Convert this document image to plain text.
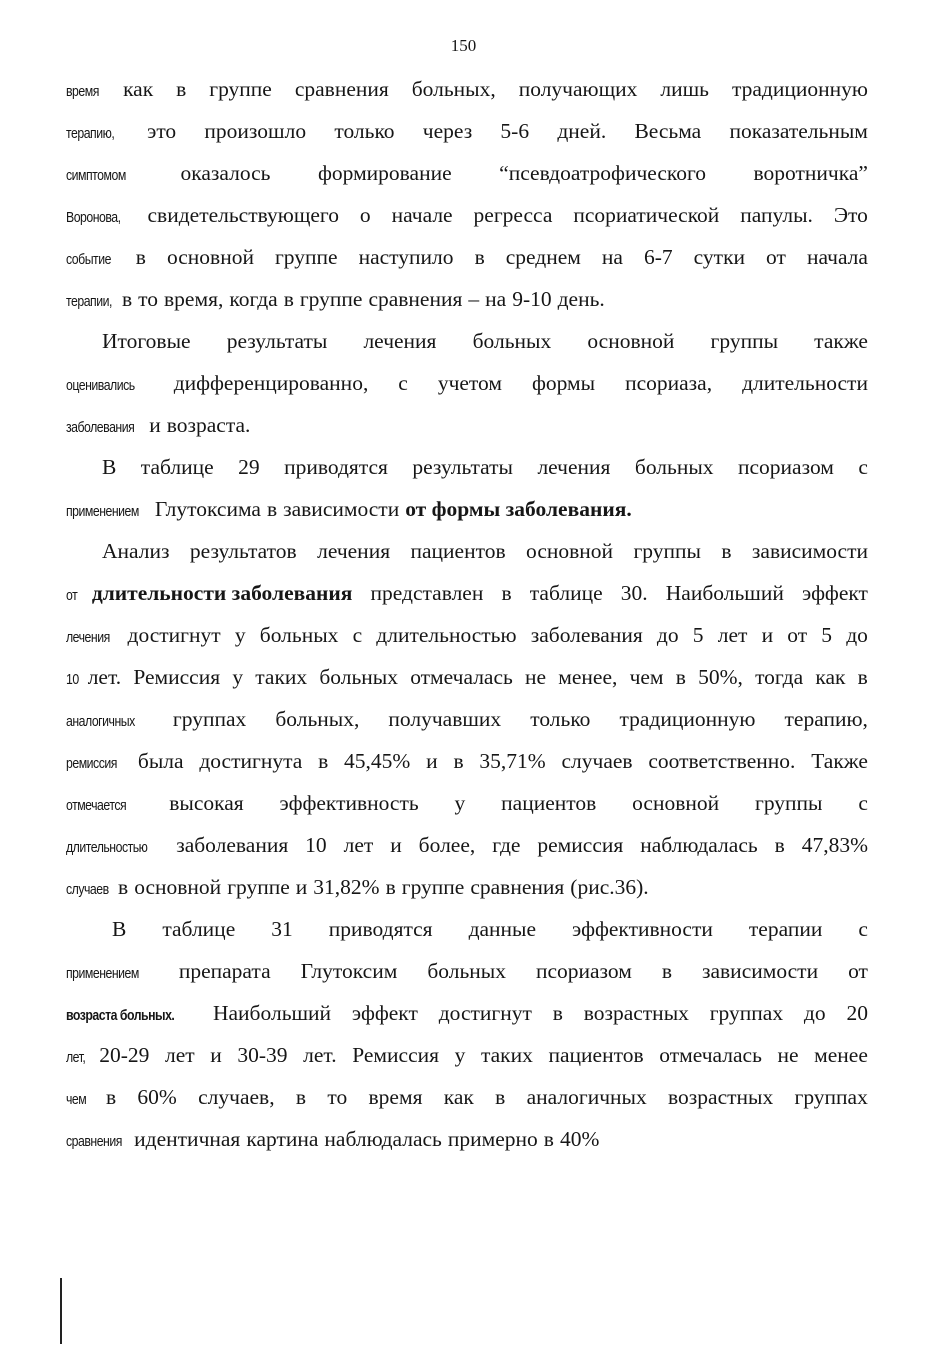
150
время как в группе сравнения больных, получающих лишь традиционную
терапию, это произошло только через 5-6 дней. Весьма показательным
симптомом	оказалось формирование “псевдоатрофического воротничка”
Воронова, свидетельствующего о начале регресса псориатической папулы. Это
событие в основной группе наступило в среднем на 6-7 сутки от начала
терапии, в то время, когда в группе сравнения – на 9-10 день.
Итоговые результаты лечения больных основной группы также
оценивались дифференцированно, с учетом формы псориаза, длительности
заболевания и возраста.
В таблице 29 приводятся результаты лечения больных псориазом с
применением Глутоксима в зависимости от формы заболевания.
Анализ результатов лечения пациентов основной группы в зависимости
от длительности заболевания представлен в таблице 30. Наибольший эффект
лечения достигнут у больных с длительностью заболевания до 5 лет и от 5 до
10 лет. Ремиссия у таких больных отмечалась не менее, чем в 50%, тогда как в
аналогичных группах больных, получавших только традиционную терапию,
ремиссия была достигнута в 45,45% и в 35,71% случаев соответственно. Также
отмечается высокая эффективность у пациентов основной группы с
длительностью заболевания 10 лет и более, где ремиссия наблюдалась в 47,83%
случаев в основной группе и 31,82% в группе сравнения (рис.36).
В таблице 31 приводятся данные эффективности терапии с
применением препарата Глутоксим больных псориазом в зависимости от
возраста больных. Наибольший эффект достигнут в возрастных группах до 20
лет, 20-29 лет и 30-39 лет. Ремиссия у таких пациентов отмечалась не менее
чем в 60% случаев, в то время как в аналогичных возрастных группах
сравнения идентичная картина наблюдалась примерно в 40%
